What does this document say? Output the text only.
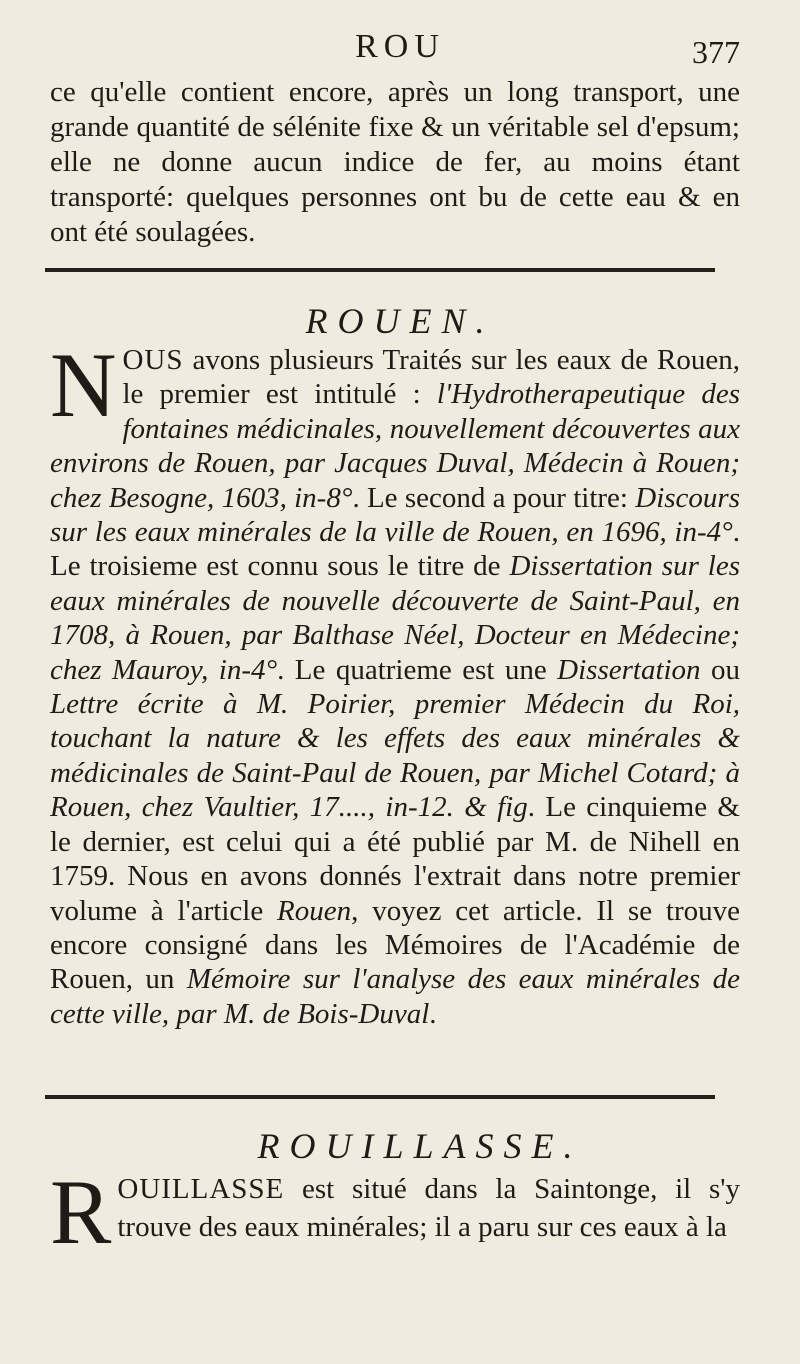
ROU	377
ce qu'elle contient encore, après un long transport, une grande quantité de sélénite fixe & un véritable sel d'epsum; elle ne donne aucun indice de fer, au moins étant transporté: quelques personnes ont bu de cette eau & en ont été soulagées.
ROUEN.
NOUS avons plusieurs Traités sur les eaux de Rouen, le premier est intitulé : l'Hydrotherapeutique des fontaines médicinales, nouvellement découvertes aux environs de Rouen, par Jacques Duval, Médecin à Rouen; chez Besogne, 1603, in-8°. Le second a pour titre: Discours sur les eaux minérales de la ville de Rouen, en 1696, in-4°. Le troisieme est connu sous le titre de Dissertation sur les eaux minérales de nouvelle découverte de Saint-Paul, en 1708, à Rouen, par Balthase Néel, Docteur en Médecine; chez Mauroy, in-4°. Le quatrieme est une Dissertation ou Lettre écrite à M. Poirier, premier Médecin du Roi, touchant la nature & les effets des eaux minérales & médicinales de Saint-Paul de Rouen, par Michel Cotard; à Rouen, chez Vaultier, 17...., in-12. & fig. Le cinquieme & le dernier, est celui qui a été publié par M. de Nihell en 1759. Nous en avons donnés l'extrait dans notre premier volume à l'article Rouen, voyez cet article. Il se trouve encore consigné dans les Mémoires de l'Académie de Rouen, un Mémoire sur l'analyse des eaux minérales de cette ville, par M. de Bois-Duval.
ROUILLASSE.
ROUILLASSE est situé dans la Saintonge, il s'y trouve des eaux minérales; il a paru sur ces eaux à la
